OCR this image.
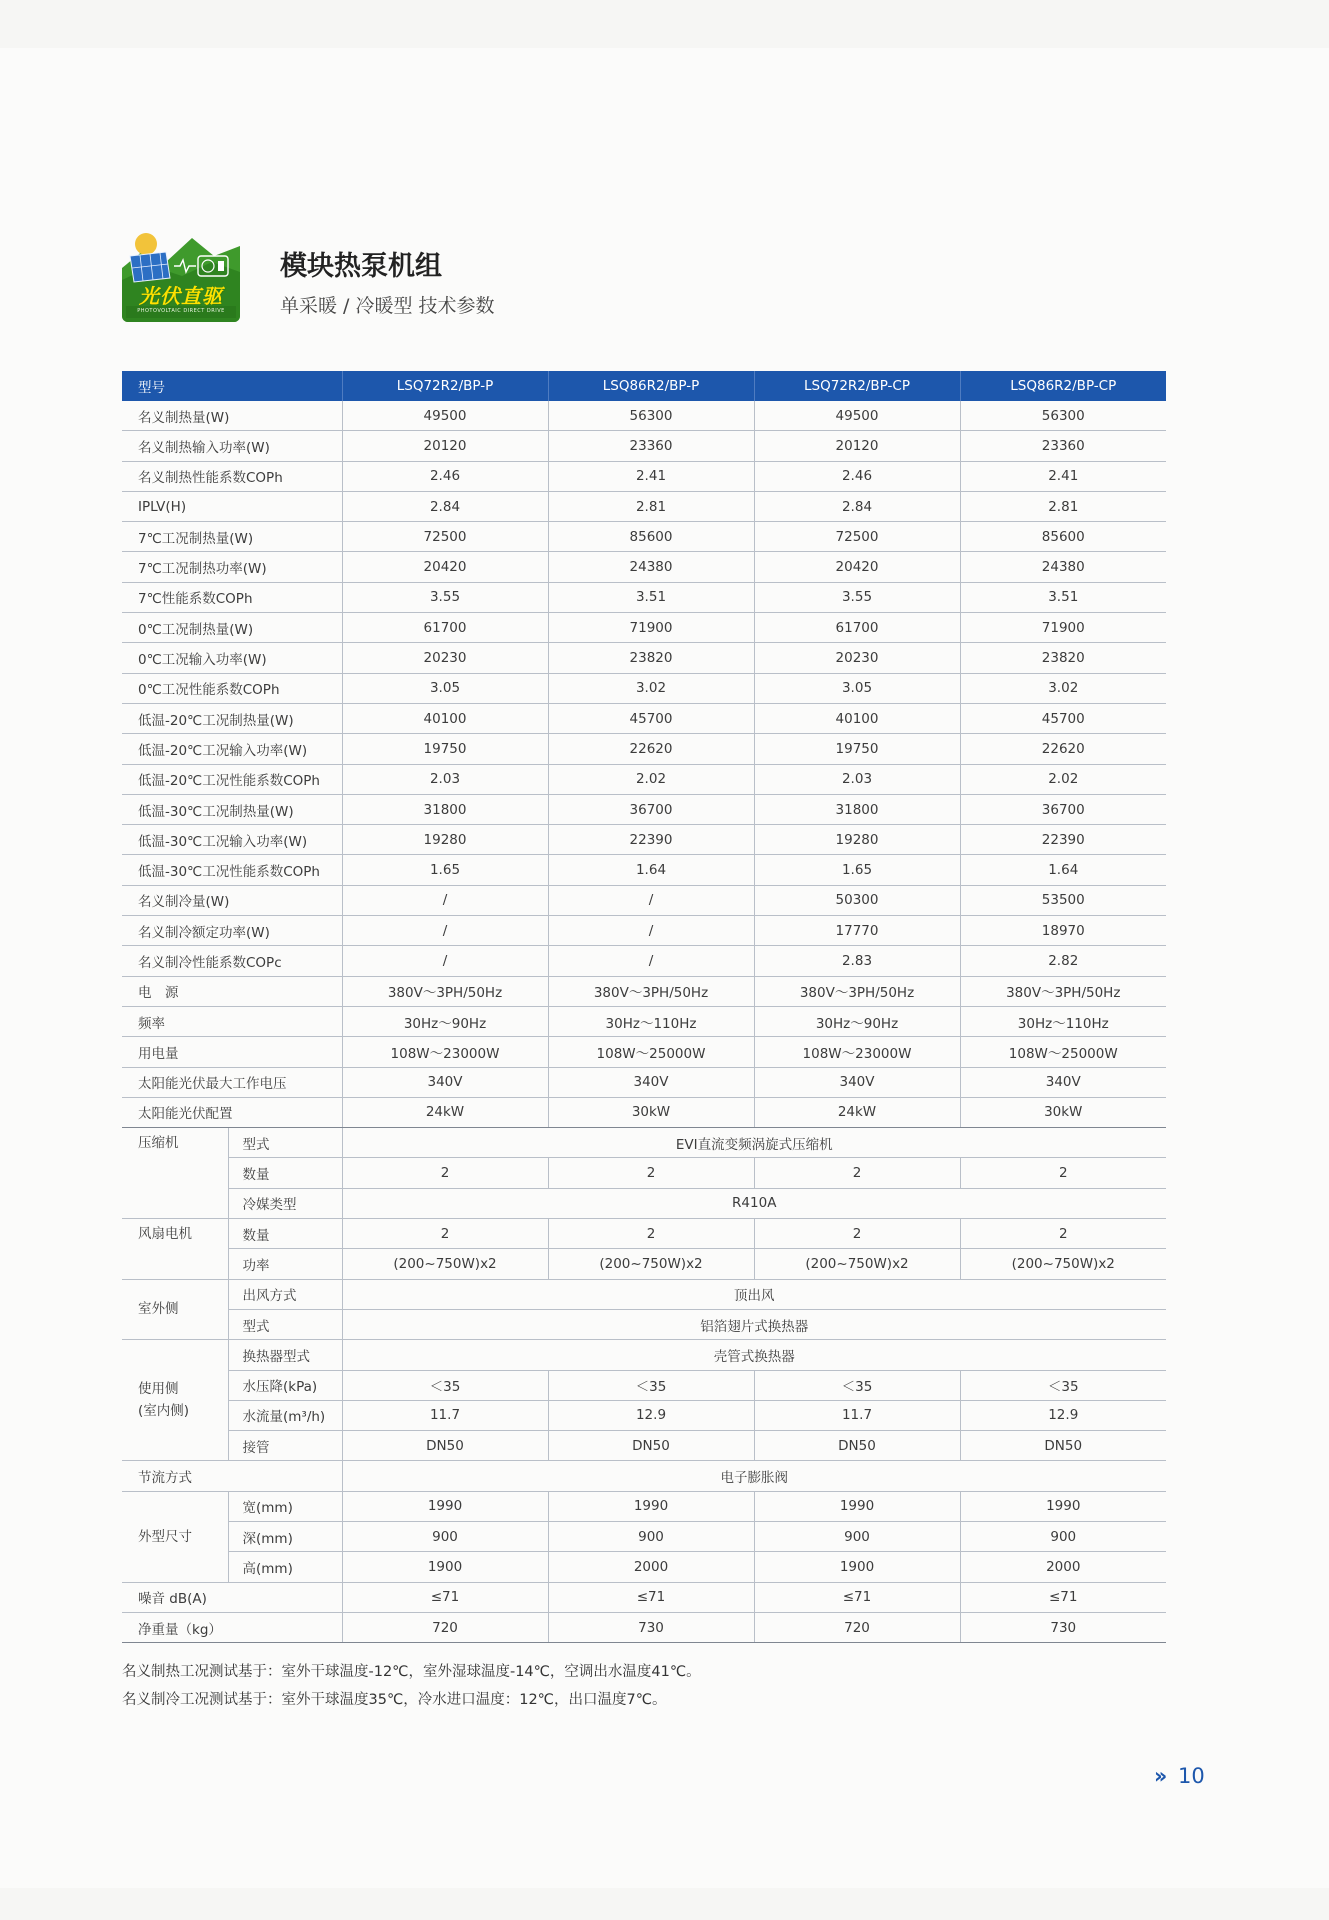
光伏直驱
PHOTOVOLTAIC DIRECT DRIVE
模块热泵机组
单采暖 / 冷暖型 技术参数
型号		LSQ72R2/BP-P	LSQ86R2/BP-P	LSQ72R2/BP-CP	LSQ86R2/BP-CP
名义制热量(W)		49500	56300	49500	56300
名义制热输入功率(W)		20120	23360	20120	23360
名义制热性能系数COPh		2.46	2.41	2.46	2.41
IPLV(H)		2.84	2.81	2.84	2.81
7℃工况制热量(W)		72500	85600	72500	85600
7℃工况制热功率(W)		20420	24380	20420	24380
7℃性能系数COPh		3.55	3.51	3.55	3.51
0℃工况制热量(W)		61700	71900	61700	71900
0℃工况输入功率(W)		20230	23820	20230	23820
0℃工况性能系数COPh		3.05	3.02	3.05	3.02
低温-20℃工况制热量(W)		40100	45700	40100	45700
低温-20℃工况输入功率(W)		19750	22620	19750	22620
低温-20℃工况性能系数COPh		2.03	2.02	2.03	2.02
低温-30℃工况制热量(W)		31800	36700	31800	36700
低温-30℃工况输入功率(W)		19280	22390	19280	22390
低温-30℃工况性能系数COPh		1.65	1.64	1.65	1.64
名义制冷量(W)		/	/	50300	53500
名义制冷额定功率(W)		/	/	17770	18970
名义制冷性能系数COPc		/	/	2.83	2.82
电　源		380V～3PH/50Hz	380V～3PH/50Hz	380V～3PH/50Hz	380V～3PH/50Hz
频率		30Hz～90Hz	30Hz～110Hz	30Hz～90Hz	30Hz～110Hz
用电量		108W～23000W	108W～25000W	108W～23000W	108W～25000W
太阳能光伏最大工作电压		340V	340V	340V	340V
太阳能光伏配置		24kW	30kW	24kW	30kW
压缩机	型式	EVI直流变频涡旋式压缩机			
	数量	2	2	2	2
	冷媒类型	R410A			
风扇电机	数量	2	2	2	2
	功率	(200~750W)x2	(200~750W)x2	(200~750W)x2	(200~750W)x2
室外侧	出风方式	顶出风			
	型式	铝箔翅片式换热器			

使用侧
(室内侧)	换热器型式	壳管式换热器			
	水压降(kPa)	＜35	＜35	＜35	＜35
	水流量(m³/h)	11.7	12.9	11.7	12.9
	接管	DN50	DN50	DN50	DN50
节流方式		电子膨胀阀			
外型尺寸	宽(mm)	1990	1990	1990	1990
	深(mm)	900	900	900	900
	高(mm)	1900	2000	1900	2000
噪音 dB(A)		≤71	≤71	≤71	≤71
净重量（kg）		720	730	720	730
名义制热工况测试基于：室外干球温度-12℃，室外湿球温度-14℃，空调出水温度41℃。
名义制冷工况测试基于：室外干球温度35℃，冷水进口温度：12℃，出口温度7℃。
›› 10
